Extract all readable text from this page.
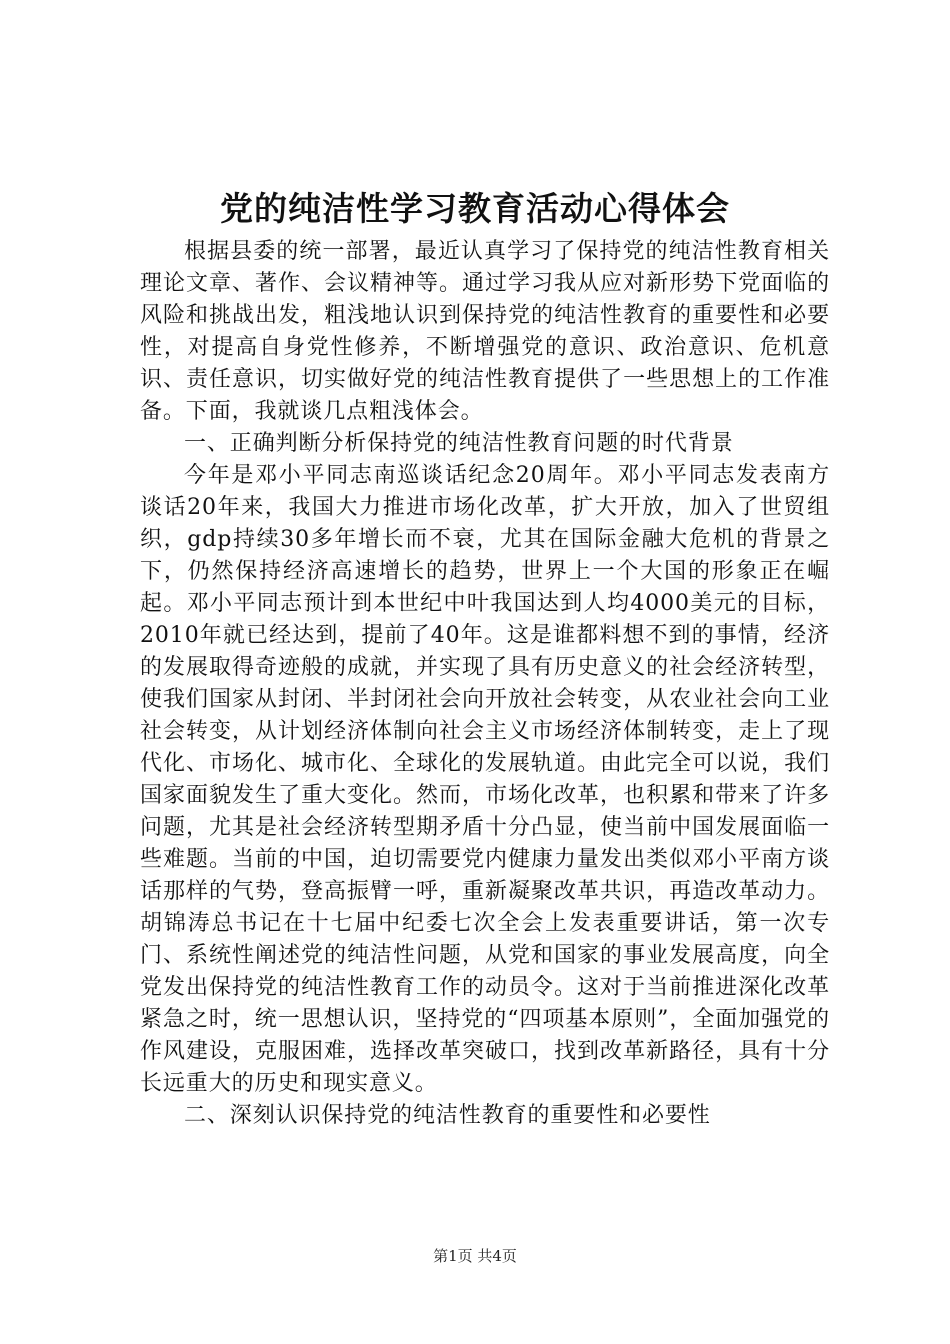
党的纯洁性学习教育活动心得体会

根据县委的统一部署，最近认真学习了保持党的纯洁性教育相关理论文章、著作、会议精神等。通过学习我从应对新形势下党面临的风险和挑战出发，粗浅地认识到保持党的纯洁性教育的重要性和必要性，对提高自身党性修养，不断增强党的意识、政治意识、危机意识、责任意识，切实做好党的纯洁性教育提供了一些思想上的工作准备。下面，我就谈几点粗浅体会。

一、正确判断分析保持党的纯洁性教育问题的时代背景

今年是邓小平同志南巡谈话纪念20周年。邓小平同志发表南方谈话20年来，我国大力推进市场化改革，扩大开放，加入了世贸组织，gdp持续30多年增长而不衰，尤其在国际金融大危机的背景之下，仍然保持经济高速增长的趋势，世界上一个大国的形象正在崛起。邓小平同志预计到本世纪中叶我国达到人均4000美元的目标，2010年就已经达到，提前了40年。这是谁都料想不到的事情，经济的发展取得奇迹般的成就，并实现了具有历史意义的社会经济转型，使我们国家从封闭、半封闭社会向开放社会转变，从农业社会向工业社会转变，从计划经济体制向社会主义市场经济体制转变，走上了现代化、市场化、城市化、全球化的发展轨道。由此完全可以说，我们国家面貌发生了重大变化。然而，市场化改革，也积累和带来了许多问题，尤其是社会经济转型期矛盾十分凸显，使当前中国发展面临一些难题。当前的中国，迫切需要党内健康力量发出类似邓小平南方谈话那样的气势，登高振臂一呼，重新凝聚改革共识，再造改革动力。胡锦涛总书记在十七届中纪委七次全会上发表重要讲话，第一次专门、系统性阐述党的纯洁性问题，从党和国家的事业发展高度，向全党发出保持党的纯洁性教育工作的动员令。这对于当前推进深化改革紧急之时，统一思想认识，坚持党的“四项基本原则”，全面加强党的作风建设，克服困难，选择改革突破口，找到改革新路径，具有十分长远重大的历史和现实意义。

二、深刻认识保持党的纯洁性教育的重要性和必要性

第1页 共4页
